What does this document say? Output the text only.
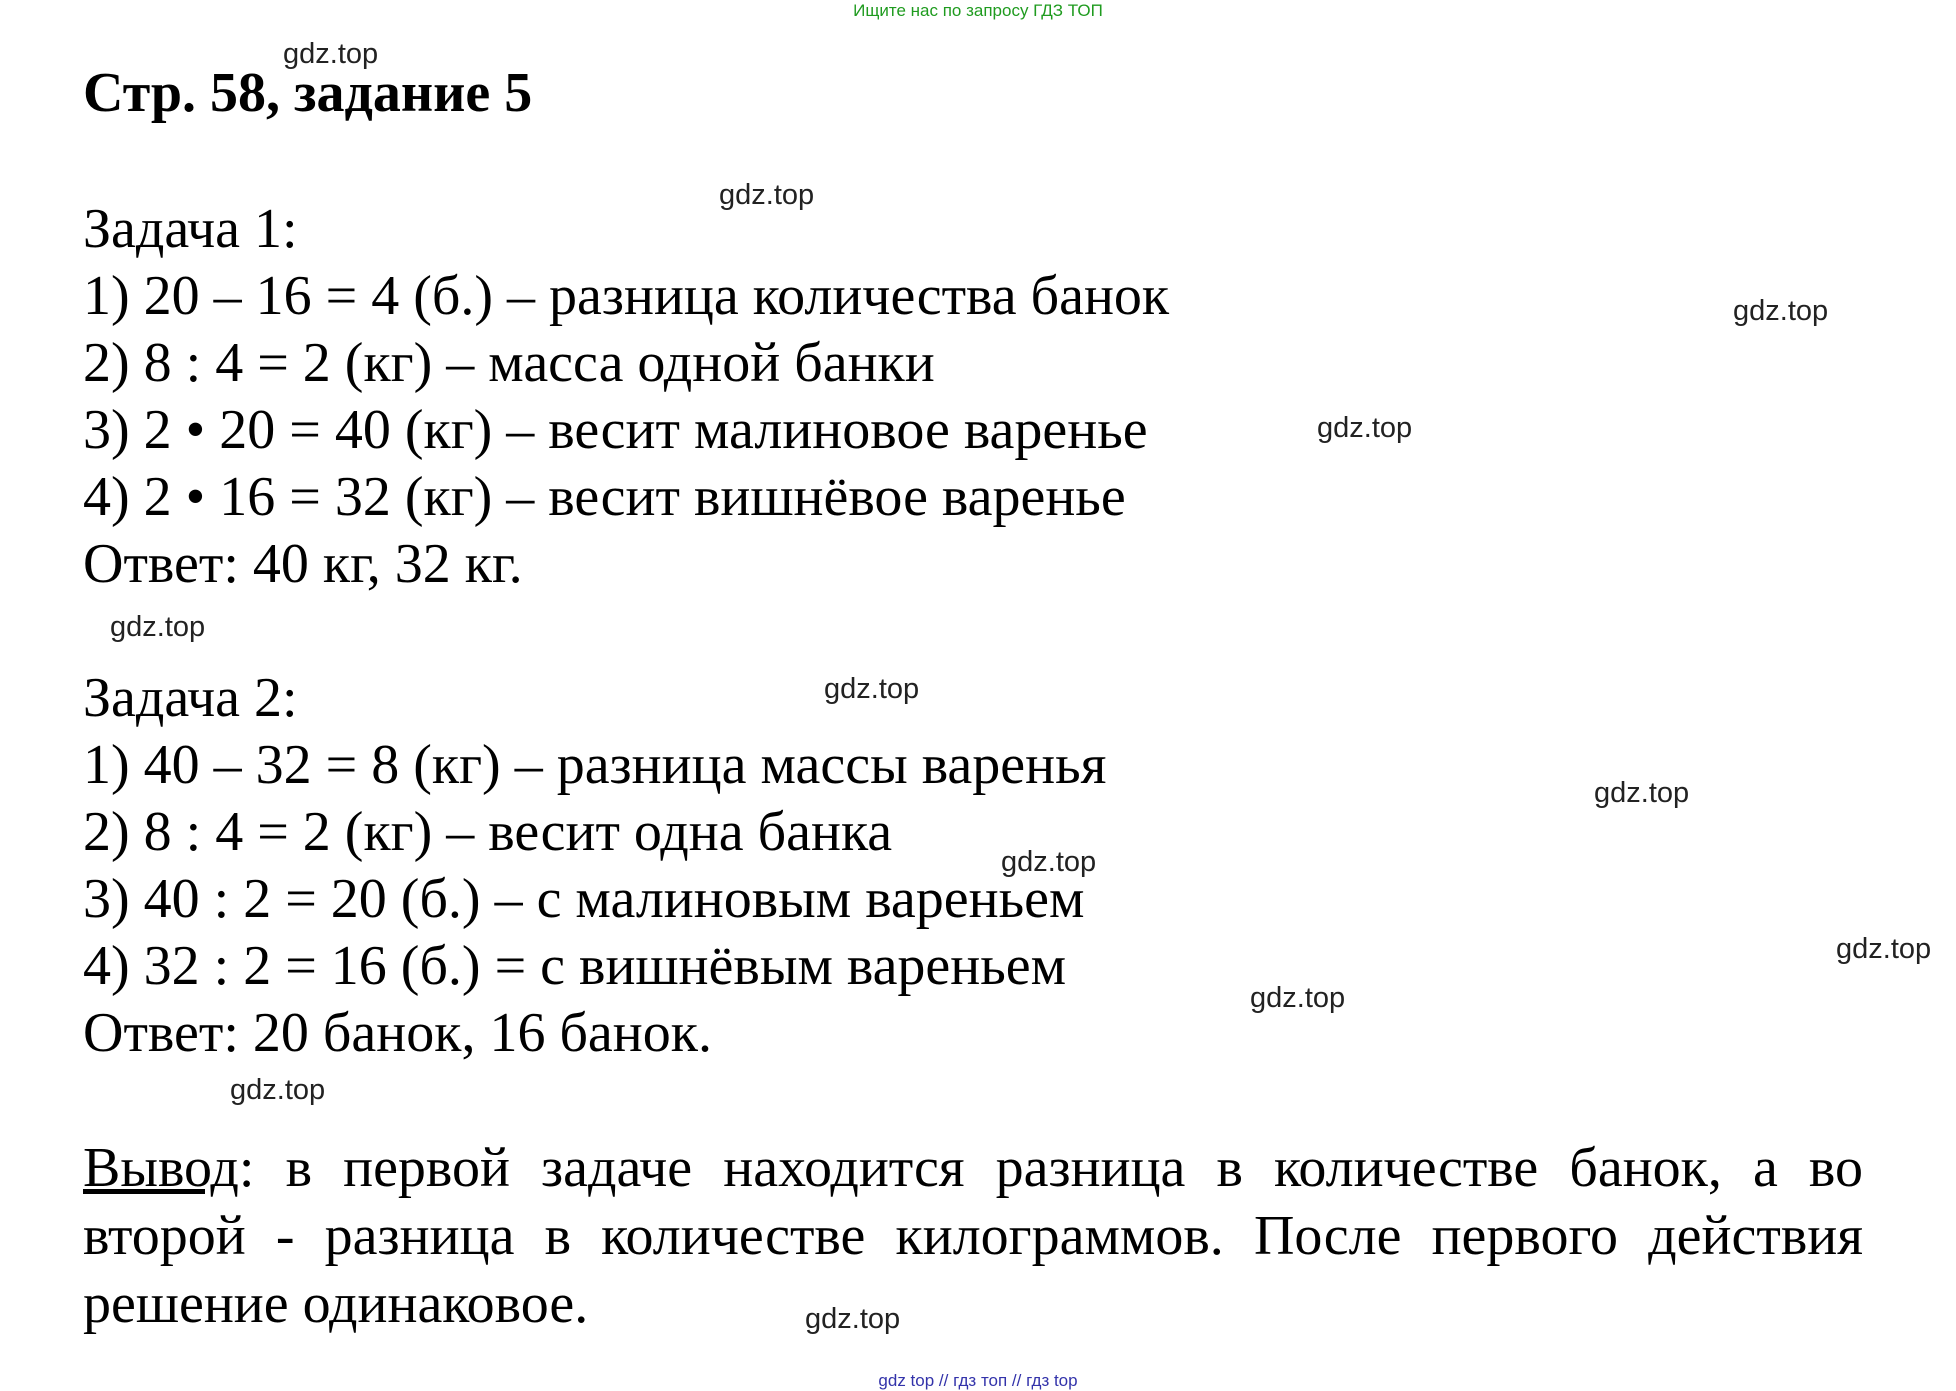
Ищите нас по запросу ГДЗ ТОП
Стр. 58, задание 5
Задача 1:
1) 20 – 16 = 4 (б.) – разница количества банок
2) 8 : 4 = 2 (кг) – масса одной банки
3) 2 • 20 = 40 (кг) – весит малиновое варенье
4) 2 • 16 = 32 (кг) – весит вишнёвое варенье
Ответ: 40 кг, 32 кг.
Задача 2:
1) 40 – 32 = 8 (кг) – разница массы варенья
2) 8 : 4 = 2 (кг) – весит одна банка
3) 40 : 2 = 20 (б.) – с малиновым вареньем
4) 32 : 2 = 16 (б.) = с вишнёвым вареньем
Ответ: 20 банок, 16 банок.
Вывод: в первой задаче находится разница в количестве банок, а во второй - разница в количестве килограммов. После первого действия решение одинаковое.
gdz.top
gdz.top
gdz.top
gdz.top
gdz.top
gdz.top
gdz.top
gdz.top
gdz.top
gdz.top
gdz.top
gdz.top
gdz top // гдз топ // гдз top
